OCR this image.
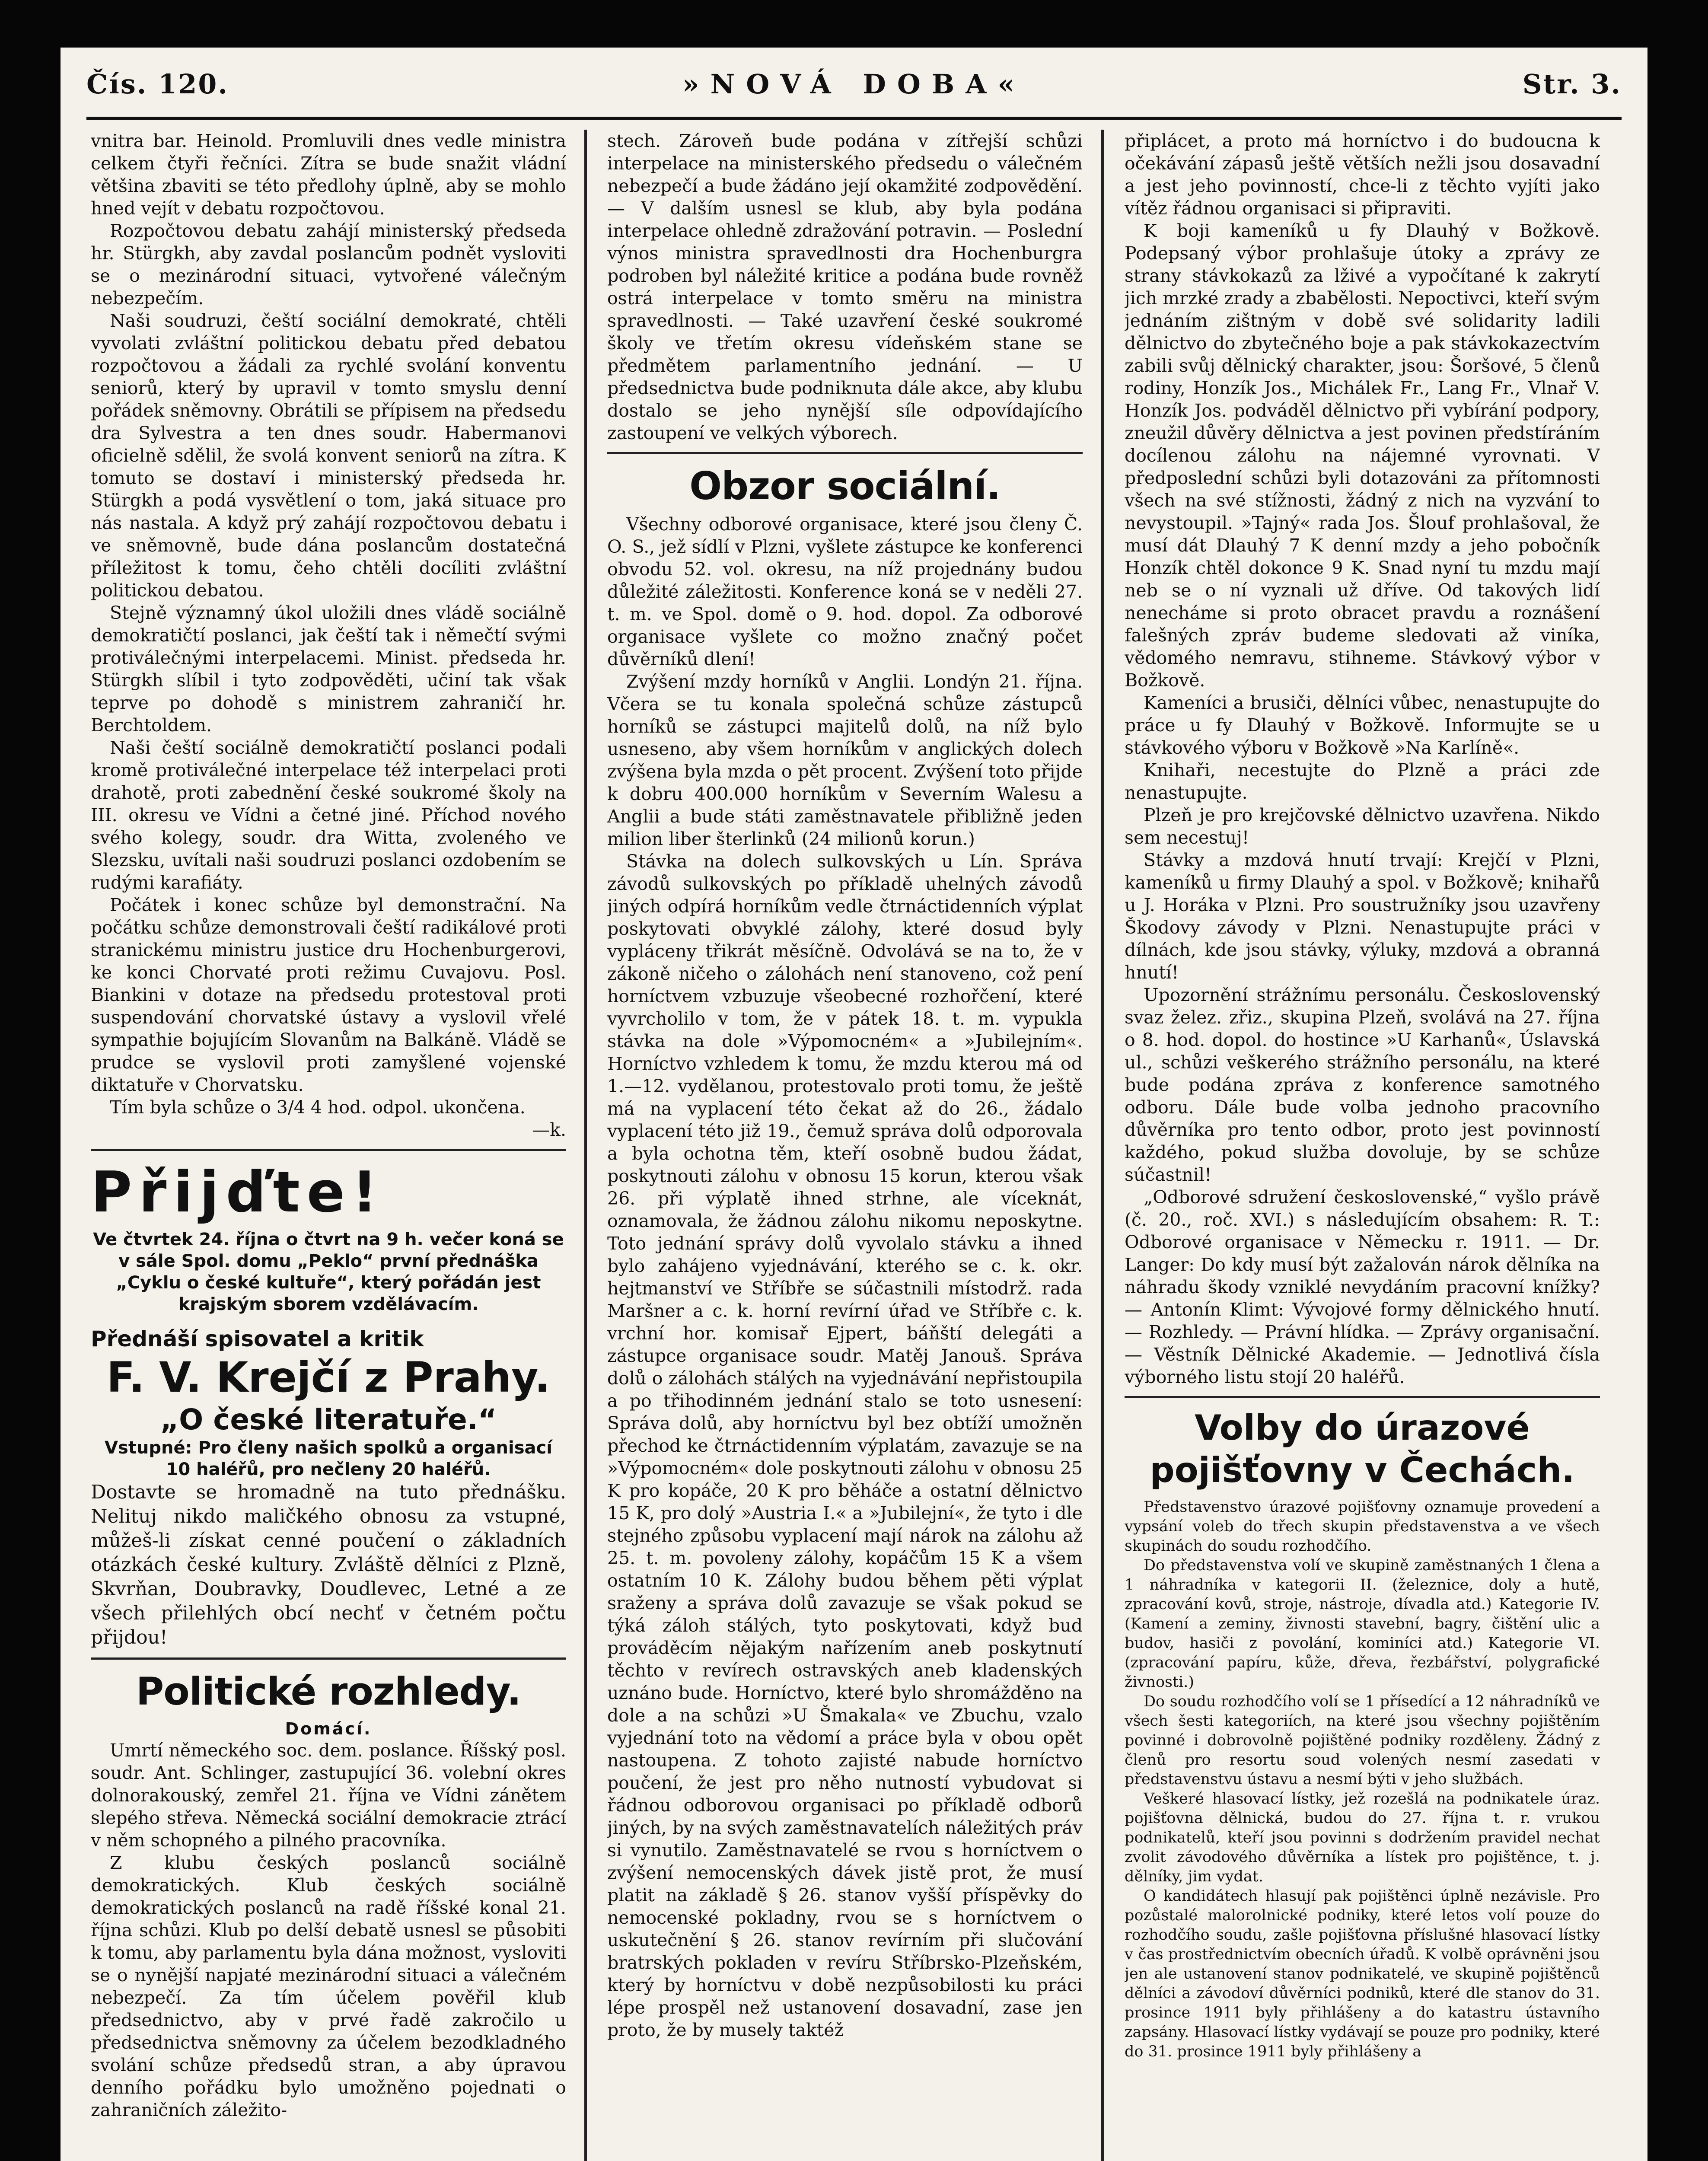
Čís. 120.	»NOVÁ DOBA«	Str. 3.

vnitra bar. Heinold. Promluvili dnes vedle ministra celkem čtyři řečníci. Zítra se bude snažit vládní většina zbaviti se této předlohy úplně, aby se mohlo hned vejít v debatu rozpočtovou.

Rozpočtovou debatu zahájí ministerský předseda hr. Stürgkh, aby zavdal poslancům podnět vysloviti se o mezinárodní situaci, vytvořené válečným nebezpečím.

Naši soudruzi, čeští sociální demokraté, chtěli vyvolati zvláštní politickou debatu před debatou rozpočtovou a žádali za rychlé svolání konventu seniorů, který by upravil v tomto smyslu denní pořádek sněmovny. Obrátili se přípisem na předsedu dra Sylvestra a ten dnes soudr. Habermanovi oficielně sdělil, že svolá konvent seniorů na zítra. K tomuto se dostaví i ministerský předseda hr. Stürgkh a podá vysvětlení o tom, jaká situace pro nás nastala. A když prý zahájí rozpočtovou debatu i ve sněmovně, bude dána poslancům dostatečná příležitost k tomu, čeho chtěli docíliti zvláštní politickou debatou.

Stejně významný úkol uložili dnes vládě sociálně demokratičtí poslanci, jak čeští tak i němečtí svými protiválečnými interpelacemi. Minist. předseda hr. Stürgkh slíbil i tyto zodpověděti, učiní tak však teprve po dohodě s ministrem zahraničí hr. Berchtoldem.

Naši čeští sociálně demokratičtí poslanci podali kromě protiválečné interpelace též interpelaci proti drahotě, proti zabednění české soukromé školy na III. okresu ve Vídni a četné jiné. Příchod nového svého kolegy, soudr. dra Witta, zvoleného ve Slezsku, uvítali naši soudruzi poslanci ozdobením se rudými karafiáty.

Počátek i konec schůze byl demonstrační. Na počátku schůze demonstrovali čeští radikálové proti stranickému ministru justice dru Hochenburgerovi, ke konci Chorvaté proti režimu Cuvajovu. Posl. Biankini v dotaze na předsedu protestoval proti suspendování chorvatské ústavy a vyslovil vřelé sympathie bojujícím Slovanům na Balkáně. Vládě se prudce se vyslovil proti zamyšlené vojenské diktatuře v Chorvatsku.

Tím byla schůze o 3/4 4 hod. odpol. ukončena.

—k.

Přijďte!
Ve čtvrtek 24. října o čtvrt na 9 h. večer koná se v sále Spol. domu „Peklo“ první přednáška „Cyklu o české kultuře“, který pořádán jest krajským sborem vzdělávacím.
Přednáší spisovatel a kritik
F. V. Krejčí z Prahy.
„O české literatuře.“
Vstupné: Pro členy našich spolků a organisací 10 haléřů, pro nečleny 20 haléřů.

Dostavte se hromadně na tuto přednášku. Nelituj nikdo maličkého obnosu za vstupné, můžeš-li získat cenné poučení o základních otázkách české kultury. Zvláště dělníci z Plzně, Skvrňan, Doubravky, Doudlevec, Letné a ze všech přilehlých obcí nechť v četném počtu přijdou!

Politické rozhledy.
Domácí.

Umrtí německého soc. dem. poslance. Říšský posl. soudr. Ant. Schlinger, zastupující 36. volební okres dolnorakouský, zemřel 21. října ve Vídni zánětem slepého střeva. Německá sociální demokracie ztrácí v něm schopného a pilného pracovníka.

Z klubu českých poslanců sociálně demokratických. Klub českých sociálně demokratických poslanců na radě říšské konal 21. října schůzi. Klub po delší debatě usnesl se působiti k tomu, aby parlamentu byla dána možnost, vysloviti se o nynější napjaté mezinárodní situaci a válečném nebezpečí. Za tím účelem pověřil klub předsednictvo, aby v prvé řadě zakročilo u předsednictva sněmovny za účelem bezodkladného svolání schůze předsedů stran, a aby úpravou denního pořádku bylo umožněno pojednati o zahraničních záležito-

stech. Zároveň bude podána v zítřejší schůzi interpelace na ministerského předsedu o válečném nebezpečí a bude žádáno její okamžité zodpovědění. — V dalším usnesl se klub, aby byla podána interpelace ohledně zdražování potravin. — Poslední výnos ministra spravedlnosti dra Hochenburgra podroben byl náležité kritice a podána bude rovněž ostrá interpelace v tomto směru na ministra spravedlnosti. — Také uzavření české soukromé školy ve třetím okresu vídeňském stane se předmětem parlamentního jednání. — U předsednictva bude podniknuta dále akce, aby klubu dostalo se jeho nynější síle odpovídajícího zastoupení ve velkých výborech.

Obzor sociální.

Všechny odborové organisace, které jsou členy Č. O. S., jež sídlí v Plzni, vyšlete zástupce ke konferenci obvodu 52. vol. okresu, na níž projednány budou důležité záležitosti. Konference koná se v neděli 27. t. m. ve Spol. domě o 9. hod. dopol. Za odborové organisace vyšlete co možno značný počet důvěrníků dlení!

Zvýšení mzdy horníků v Anglii. Londýn 21. října. Včera se tu konala společná schůze zástupců horníků se zástupci majitelů dolů, na níž bylo usneseno, aby všem horníkům v anglických dolech zvýšena byla mzda o pět procent. Zvýšení toto přijde k dobru 400.000 horníkům v Severním Walesu a Anglii a bude státi zaměstnavatele přibližně jeden milion liber šterlinků (24 milionů korun.)

Stávka na dolech sulkovských u Lín. Správa závodů sulkovských po příkladě uhelných závodů jiných odpírá horníkům vedle čtrnáctidenních výplat poskytovati obvyklé zálohy, které dosud byly vypláceny třikrát měsíčně. Odvolává se na to, že v zákoně ničeho o zálohách není stanoveno, což pení horníctvem vzbuzuje všeobecné rozhořčení, které vyvrcholilo v tom, že v pátek 18. t. m. vypukla stávka na dole »Výpomocném« a »Jubilejním«. Horníctvo vzhledem k tomu, že mzdu kterou má od 1.—12. vydělanou, protestovalo proti tomu, že ještě má na vyplacení této čekat až do 26., žádalo vyplacení této již 19., čemuž správa dolů odporovala a byla ochotna těm, kteří osobně budou žádat, poskytnouti zálohu v obnosu 15 korun, kterou však 26. při výplatě ihned strhne, ale víceknát, oznamovala, že žádnou zálohu nikomu neposkytne. Toto jednání správy dolů vyvolalo stávku a ihned bylo zahájeno vyjednávání, kterého se c. k. okr. hejtmanství ve Stříbře se súčastnili místodrž. rada Maršner a c. k. horní revírní úřad ve Stříbře c. k. vrchní hor. komisař Ejpert, báňští delegáti a zástupce organisace soudr. Matěj Janouš. Správa dolů o zálohách stálých na vyjednávání nepřistoupila a po třihodinném jednání stalo se toto usnesení: Správa dolů, aby horníctvu byl bez obtíží umožněn přechod ke čtrnáctidenním výplatám, zavazuje se na »Výpomocném« dole poskytnouti zálohu v obnosu 25 K pro kopáče, 20 K pro běháče a ostatní dělnictvo 15 K, pro dolý »Austria I.« a »Jubilejní«, že tyto i dle stejného způsobu vyplacení mají nárok na zálohu až 25. t. m. povoleny zálohy, kopáčům 15 K a všem ostatním 10 K. Zálohy budou během pěti výplat sraženy a správa dolů zavazuje se však pokud se týká záloh stálých, tyto poskytovati, když bud prováděcím nějakým nařízením aneb poskytnutí těchto v revírech ostravských aneb kladenských uznáno bude. Horníctvo, které bylo shromážděno na dole a na schůzi »U Šmakala« ve Zbuchu, vzalo vyjednání toto na vědomí a práce byla v obou opět nastoupena. Z tohoto zajisté nabude horníctvo poučení, že jest pro něho nutností vybudovat si řádnou odborovou organisaci po příkladě odborů jiných, by na svých zaměstnavatelích náležitých práv si vynutilo. Zaměstnavatelé se rvou s horníctvem o zvýšení nemocenských dávek jistě prot, že musí platit na základě § 26. stanov vyšší příspěvky do nemocenské pokladny, rvou se s horníctvem o uskutečnění § 26. stanov revírním při slučování bratrských pokladen v revíru Stříbrsko-Plzeňském, který by horníctvu v době nezpůsobilosti ku práci lépe prospěl než ustanovení dosavadní, zase jen proto, že by musely taktéž

připlácet, a proto má horníctvo i do budoucna k očekávání zápasů ještě větších nežli jsou dosavadní a jest jeho povinností, chce-li z těchto vyjíti jako vítěz řádnou organisaci si připraviti.

K boji kameníků u fy Dlauhý v Božkově. Podepsaný výbor prohlašuje útoky a zprávy ze strany stávkokazů za lživé a vypočítané k zakrytí jich mrzké zrady a zbabělosti. Nepoctivci, kteří svým jednáním zištným v době své solidarity ladili dělnictvo do zbytečného boje a pak stávkokazectvím zabili svůj dělnický charakter, jsou: Šoršové, 5 členů rodiny, Honzík Jos., Michálek Fr., Lang Fr., Vlnař V. Honzík Jos. podváděl dělnictvo při vybírání podpory, zneužil důvěry dělnictva a jest povinen předstíráním docílenou zálohu na nájemné vyrovnati. V předposlední schůzi byli dotazováni za přítomnosti všech na své stížnosti, žádný z nich na vyzvání to nevystoupil. »Tajný« rada Jos. Šlouf prohlašoval, že musí dát Dlauhý 7 K denní mzdy a jeho pobočník Honzík chtěl dokonce 9 K. Snad nyní tu mzdu mají neb se o ní vyznali už dříve. Od takových lidí nenecháme si proto obracet pravdu a roznášení falešných zpráv budeme sledovati až viníka, vědomého nemravu, stihneme. Stávkový výbor v Božkově.

Kameníci a brusiči, dělníci vůbec, nenastupujte do práce u fy Dlauhý v Božkově. Informujte se u stávkového výboru v Božkově »Na Karlíně«.

Knihaři, necestujte do Plzně a práci zde nenastupujte.

Plzeň je pro krejčovské dělnictvo uzavřena. Nikdo sem necestuj!

Stávky a mzdová hnutí trvají: Krejčí v Plzni, kameníků u firmy Dlauhý a spol. v Božkově; knihařů u J. Horáka v Plzni. Pro soustružníky jsou uzavřeny Škodovy závody v Plzni. Nenastupujte práci v dílnách, kde jsou stávky, výluky, mzdová a obranná hnutí!

Upozornění strážnímu personálu. Československý svaz želez. zřiz., skupina Plzeň, svolává na 27. října o 8. hod. dopol. do hostince »U Karhanů«, Úslavská ul., schůzi veškerého strážního personálu, na které bude podána zpráva z konference samotného odboru. Dále bude volba jednoho pracovního důvěrníka pro tento odbor, proto jest povinností každého, pokud služba dovoluje, by se schůze súčastnil!

„Odborové sdružení československé,“ vyšlo právě (č. 20., roč. XVI.) s následujícím obsahem: R. T.: Odborové organisace v Německu r. 1911. — Dr. Langer: Do kdy musí být zažalován nárok dělníka na náhradu škody vzniklé nevydáním pracovní knížky? — Antonín Klimt: Vývojové formy dělnického hnutí. — Rozhledy. — Právní hlídka. — Zprávy organisační. — Věstník Dělnické Akademie. — Jednotlivá čísla výborného listu stojí 20 haléřů.

Volby do úrazové pojišťovny v Čechách.

Představenstvo úrazové pojišťovny oznamuje provedení a vypsání voleb do třech skupin představenstva a ve všech skupinách do soudu rozhodčího.

Do představenstva volí ve skupině zaměstnaných 1 člena a 1 náhradníka v kategorii II. (železnice, doly a hutě, zpracování kovů, stroje, nástroje, dívadla atd.) Kategorie IV. (Kamení a zeminy, živnosti stavební, bagry, čištění ulic a budov, hasiči z povolání, kominíci atd.) Kategorie VI. (zpracování papíru, kůže, dřeva, řezbářství, polygrafické živnosti.)

Do soudu rozhodčího volí se 1 přísedící a 12 náhradníků ve všech šesti kategoriích, na které jsou všechny pojištěním povinné i dobrovolně pojištěné podniky rozděleny. Žádný z členů pro resortu soud volených nesmí zasedati v představenstvu ústavu a nesmí býti v jeho službách.

Veškeré hlasovací lístky, jež rozešlá na podnikatele úraz. pojišťovna dělnická, budou do 27. října t. r. vrukou podnikatelů, kteří jsou povinni s dodržením pravidel nechat zvolit závodového důvěrníka a lístek pro pojištěnce, t. j. dělníky, jim vydat.

O kandidátech hlasují pak pojištěnci úplně nezávisle. Pro pozůstalé malorolnické podniky, které letos volí pouze do rozhodčího soudu, zašle pojišťovna příslušné hlasovací lístky v čas prostřednictvím obecních úřadů. K volbě oprávněni jsou jen ale ustanovení stanov podnikatelé, ve skupině pojištěnců dělníci a závodoví důvěrníci podniků, které dle stanov do 31. prosince 1911 byly přihlášeny a do katastru ústavního zapsány. Hlasovací lístky vydávají se pouze pro podniky, které do 31. prosince 1911 byly přihlášeny a
